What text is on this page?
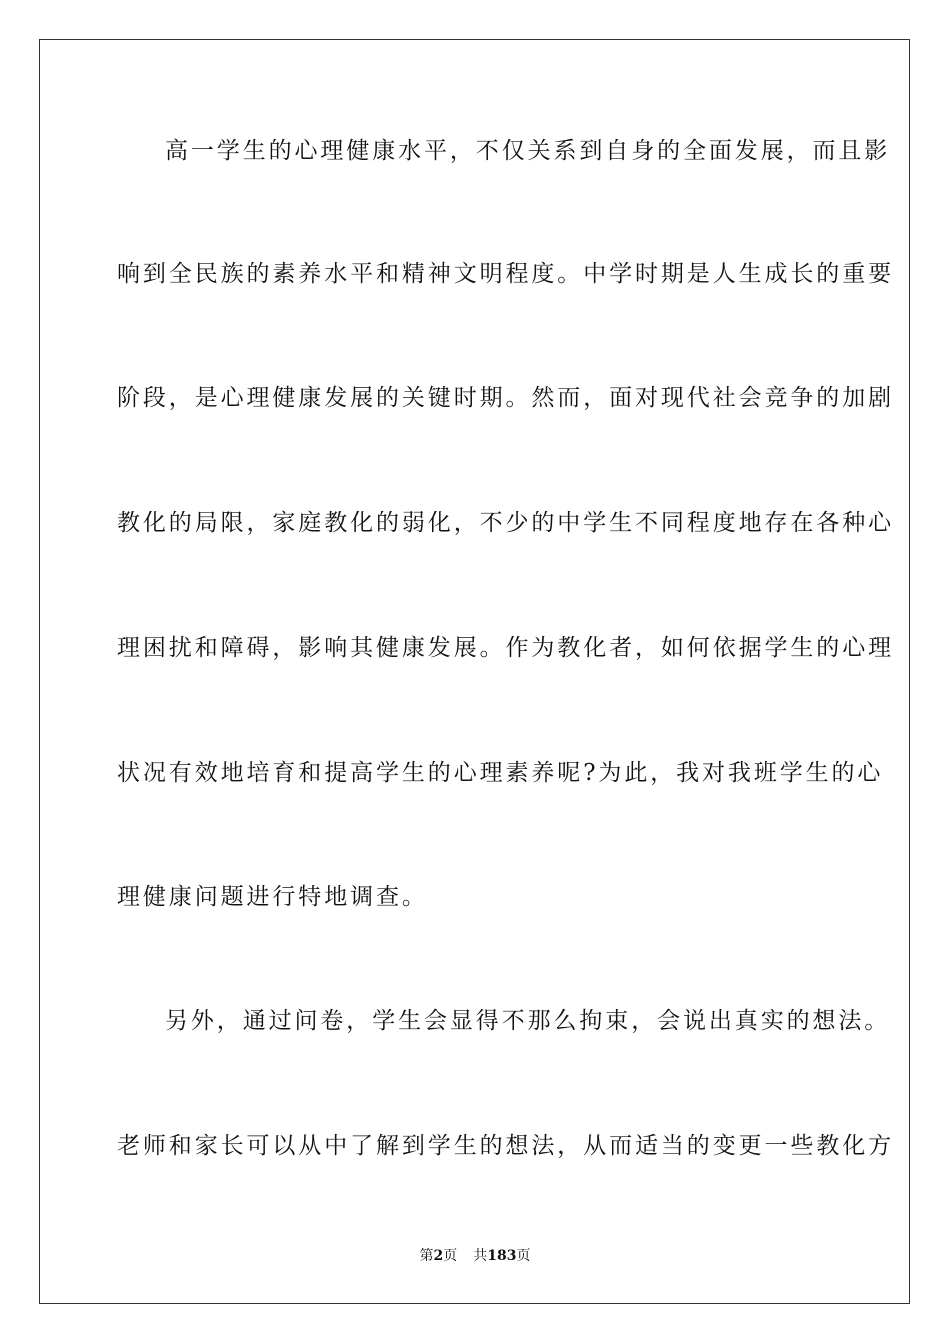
高一学生的心理健康水平，不仅关系到自身的全面发展，而且影
响到全民族的素养水平和精神文明程度。中学时期是人生成长的重要
阶段，是心理健康发展的关键时期。然而，面对现代社会竞争的加剧
教化的局限，家庭教化的弱化，不少的中学生不同程度地存在各种心
理困扰和障碍，影响其健康发展。作为教化者，如何依据学生的心理
状况有效地培育和提高学生的心理素养呢?为此，我对我班学生的心
理健康问题进行特地调查。
另外，通过问卷，学生会显得不那么拘束，会说出真实的想法。
老师和家长可以从中了解到学生的想法，从而适当的变更一些教化方
第2页 共183页
